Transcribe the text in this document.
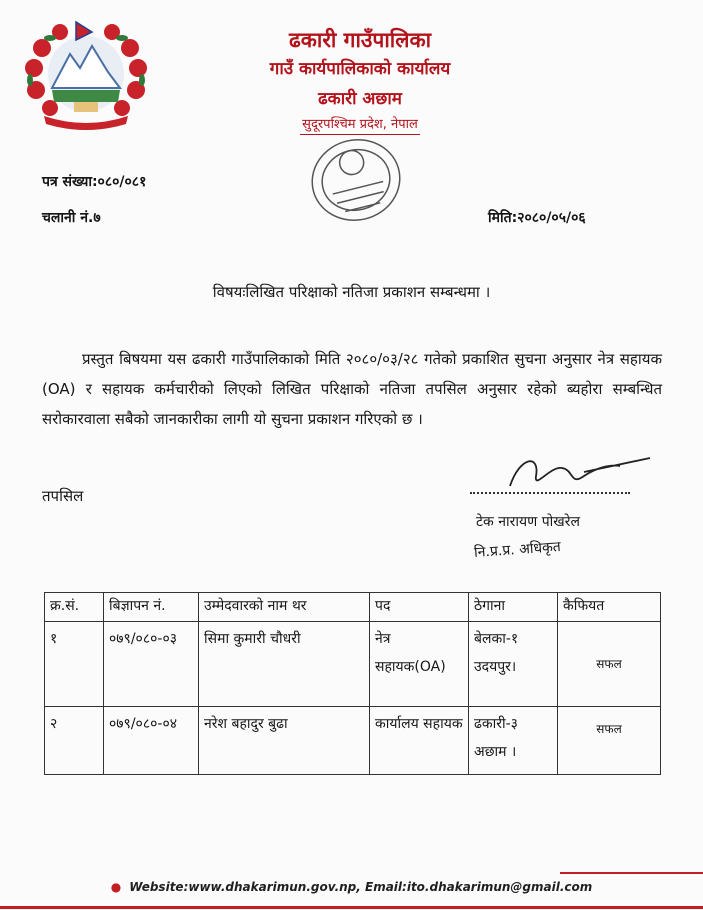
ढकारी गाउँपालिका
गाउँ कार्यपालिकाको कार्यालय
ढकारी अछाम
सुदूरपश्चिम प्रदेश, नेपाल
पत्र संख्या:०८०/०८१
चलानी नं.७	मिति:२०८०/०५/०६
विषयःलिखित परिक्षाको नतिजा प्रकाशन सम्बन्धमा ।
प्रस्तुत बिषयमा यस ढकारी गाउँपालिकाको मिति २०८०/०३/२८ गतेको प्रकाशित सुचना अनुसार नेत्र सहायक (OA) र सहायक कर्मचारीको लिएको लिखित परिक्षाको नतिजा तपसिल अनुसार रहेको ब्यहोरा सम्बन्धित सरोकारवाला सबैको जानकारीका लागी यो सुचना प्रकाशन गरिएको छ ।
तपसिल
टेक नारायण पोखरेल
नि.प्र.प्र. अधिकृत
क्र.सं.	बिज्ञापन नं.	उम्मेदवारको नाम थर	पद	ठेगाना	कैफियत
१	०७९/०८०-०३	सिमा कुमारी चौधरी	नेत्र सहायक(OA)	बेलका-१ उदयपुर।	सफल
२	०७९/०८०-०४	नरेश बहादुर बुढा	कार्यालय सहायक	ढकारी-३ अछाम ।	सफल
● Website:www.dhakarimun.gov.np, Email:ito.dhakarimun@gmail.com
